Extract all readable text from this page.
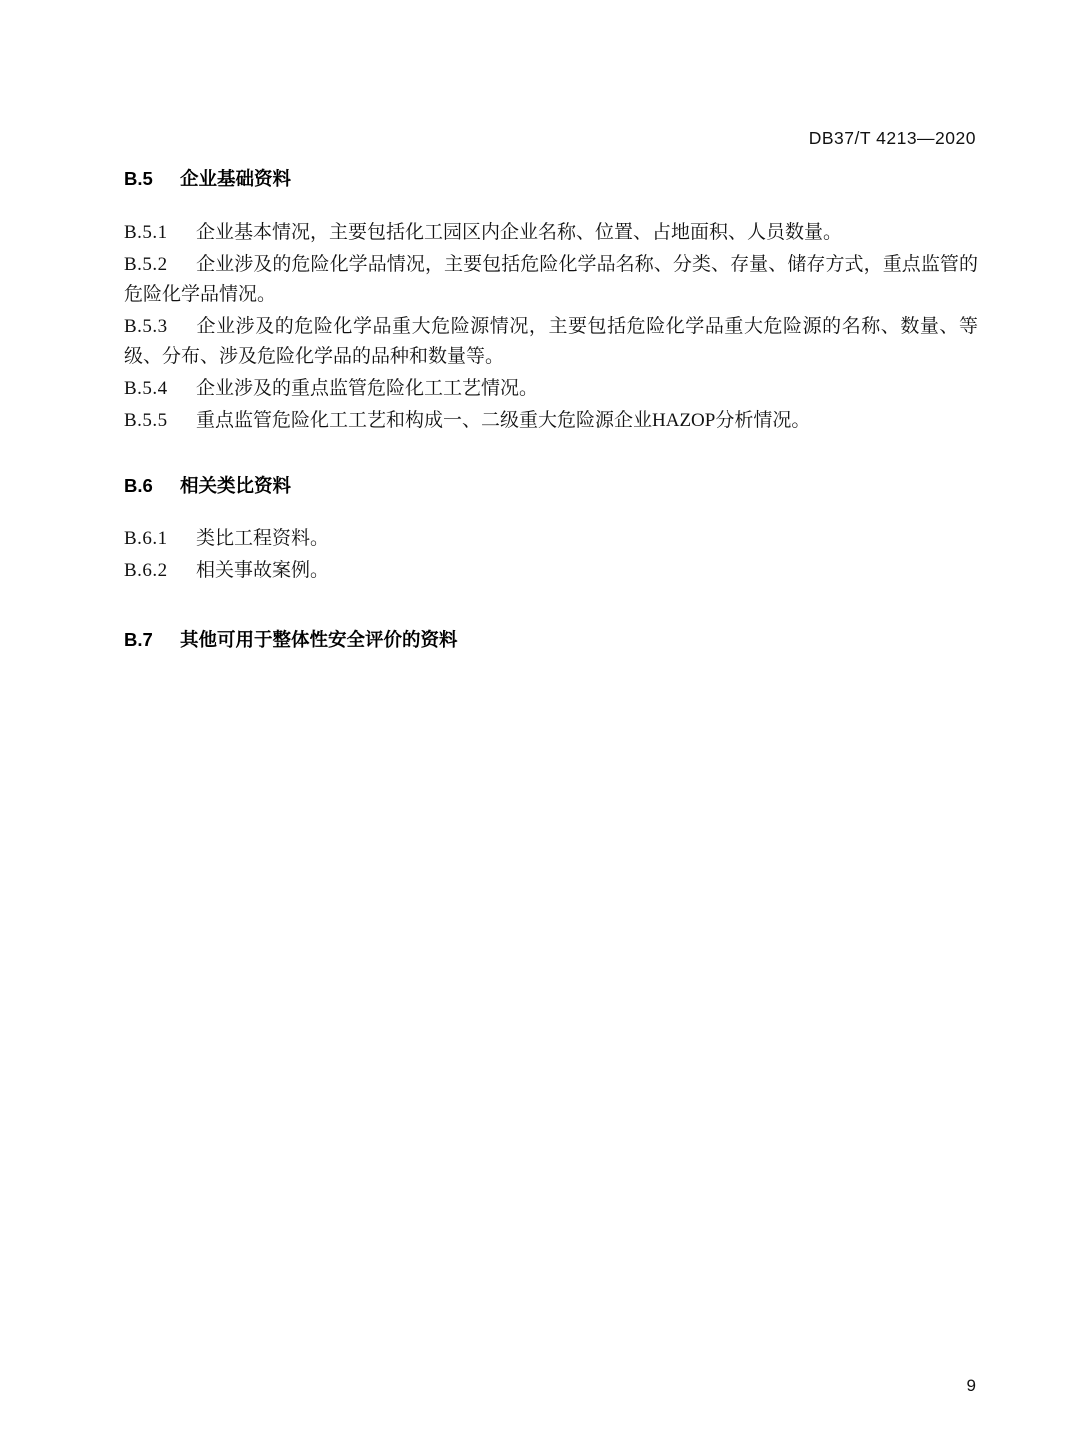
DB37/T 4213—2020
B.5 企业基础资料

B.5.1 企业基本情况，主要包括化工园区内企业名称、位置、占地面积、人员数量。

B.5.2 企业涉及的危险化学品情况，主要包括危险化学品名称、分类、存量、储存方式，重点监管的危险化学品情况。

B.5.3 企业涉及的危险化学品重大危险源情况，主要包括危险化学品重大危险源的名称、数量、等级、分布、涉及危险化学品的品种和数量等。

B.5.4 企业涉及的重点监管危险化工工艺情况。

B.5.5 重点监管危险化工工艺和构成一、二级重大危险源企业HAZOP分析情况。

B.6 相关类比资料

B.6.1 类比工程资料。

B.6.2 相关事故案例。

B.7 其他可用于整体性安全评价的资料
9
